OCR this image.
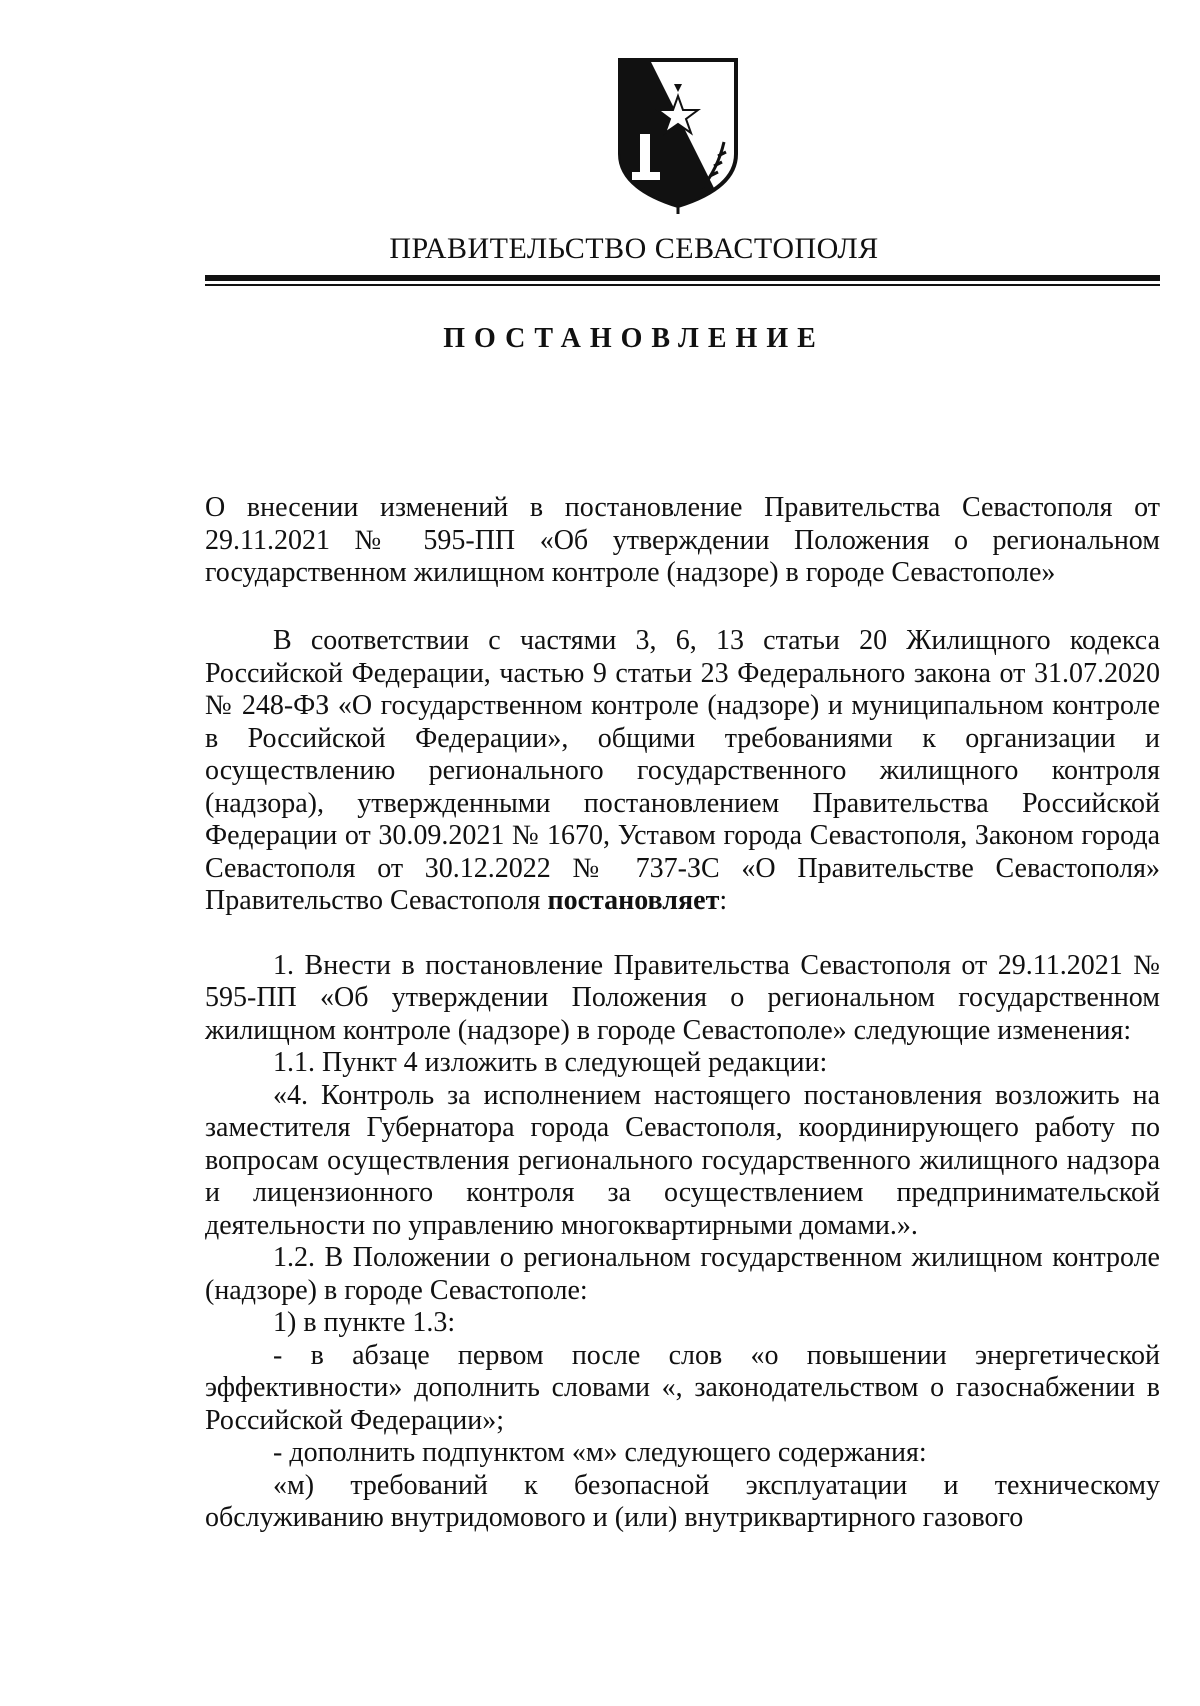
ПРАВИТЕЛЬСТВО СЕВАСТОПОЛЯ
ПОСТАНОВЛЕНИЕ

О внесении изменений в постановление Правительства Севастополя от 29.11.2021 № 595-ПП «Об утверждении Положения о региональном государственном жилищном контроле (надзоре) в городе Севастополе»

В соответствии с частями 3, 6, 13 статьи 20 Жилищного кодекса Российской Федерации, частью 9 статьи 23 Федерального закона от 31.07.2020 № 248-ФЗ «О государственном контроле (надзоре) и муниципальном контроле в Российской Федерации», общими требованиями к организации и осуществлению регионального государственного жилищного контроля (надзора), утвержденными постановлением Правительства Российской Федерации от 30.09.2021 № 1670, Уставом города Севастополя, Законом города Севастополя от 30.12.2022 № 737-ЗС «О Правительстве Севастополя» Правительство Севастополя постановляет:

1. Внести в постановление Правительства Севастополя от 29.11.2021 № 595-ПП «Об утверждении Положения о региональном государственном жилищном контроле (надзоре) в городе Севастополе» следующие изменения:

1.1. Пункт 4 изложить в следующей редакции:

«4. Контроль за исполнением настоящего постановления возложить на заместителя Губернатора города Севастополя, координирующего работу по вопросам осуществления регионального государственного жилищного надзора и лицензионного контроля за осуществлением предпринимательской деятельности по управлению многоквартирными домами.».

1.2. В Положении о региональном государственном жилищном контроле (надзоре) в городе Севастополе:

1) в пункте 1.3:

- в абзаце первом после слов «о повышении энергетической эффективности» дополнить словами «, законодательством о газоснабжении в Российской Федерации»;

- дополнить подпунктом «м» следующего содержания:

«м) требований к безопасной эксплуатации и техническому обслуживанию внутридомового и (или) внутриквартирного газового
